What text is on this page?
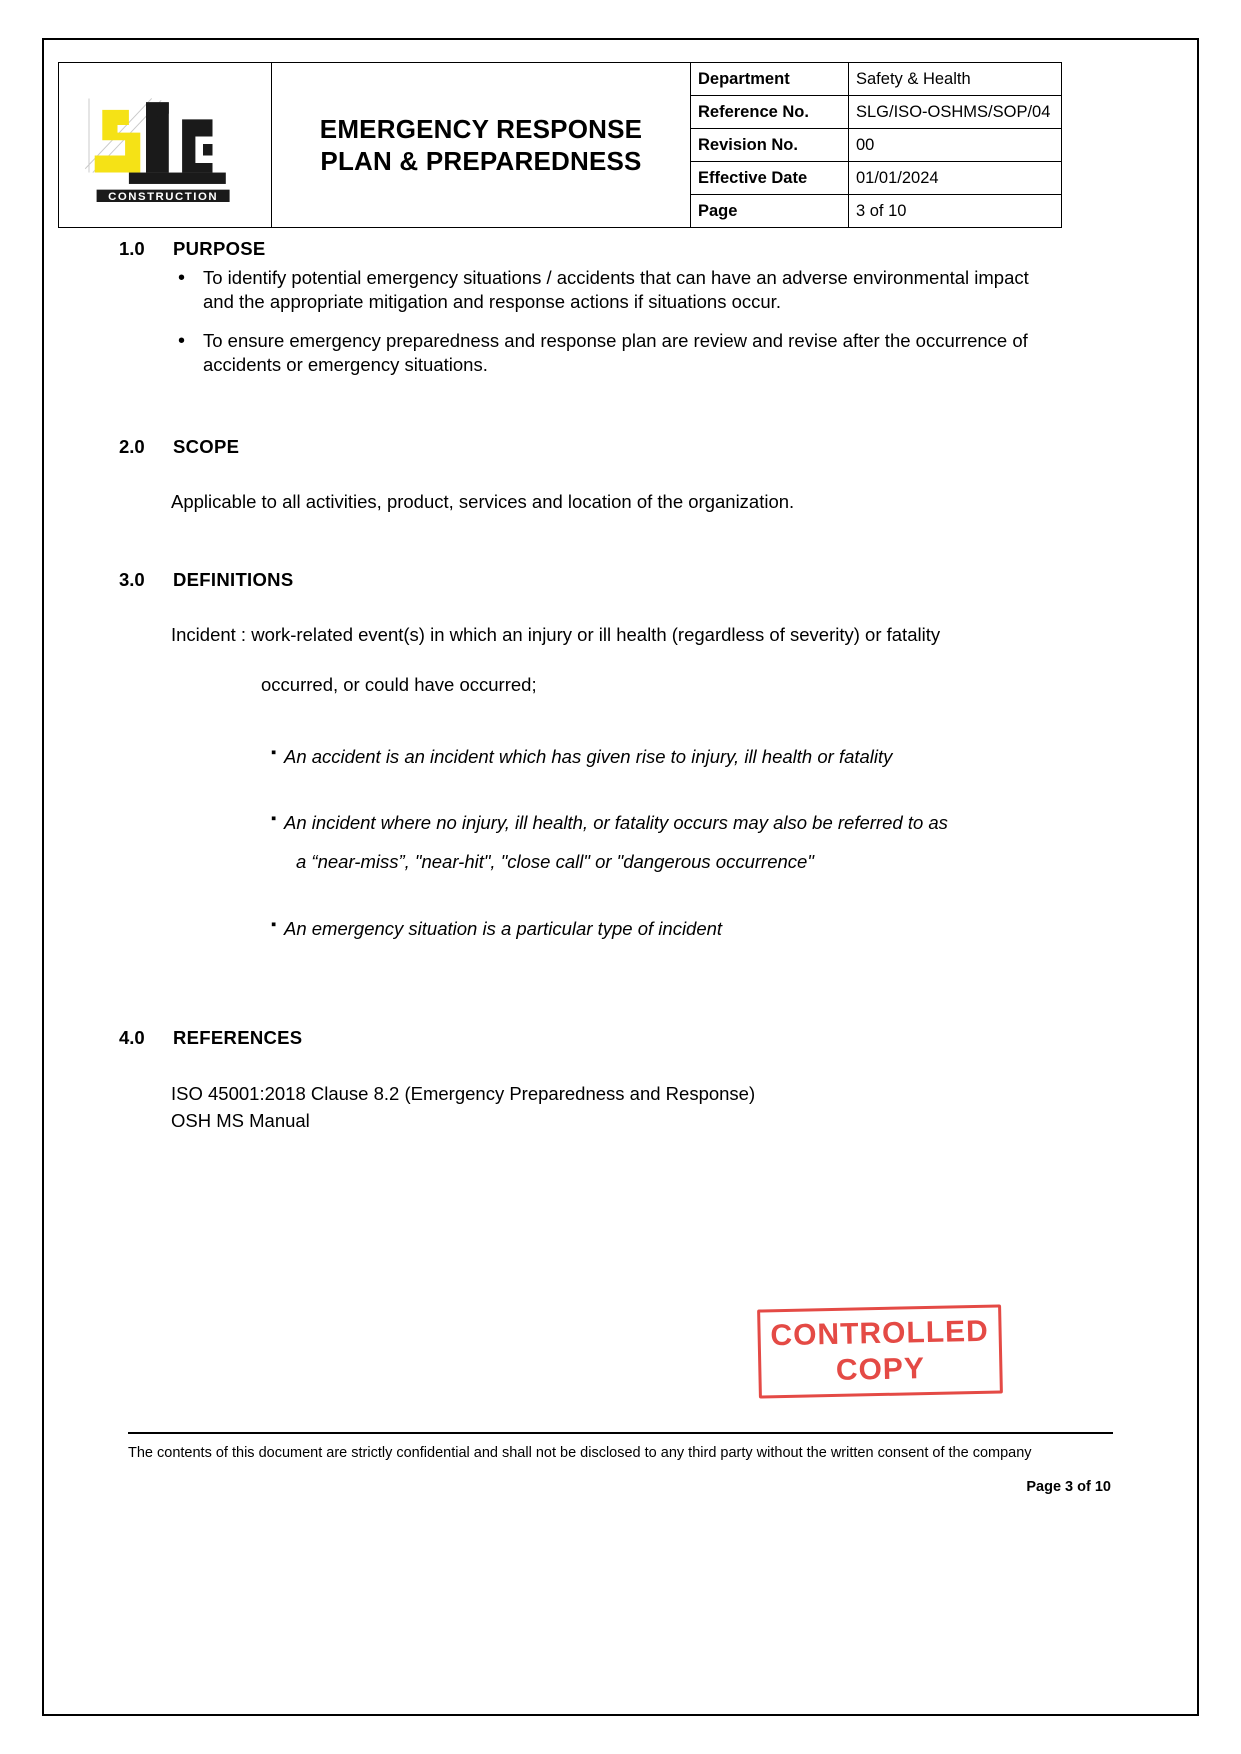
CONSTRUCTION

EMERGENCY RESPONSE
PLAN & PREPAREDNESS

Department	Safety & Health
Reference No.	SLG/ISO-OSHMS/SOP/04
Revision No.	00
Effective Date	01/01/2024
Page	3 of 10
1.0	PURPOSE
• To identify potential emergency situations / accidents that can have an adverse environmental impact and the appropriate mitigation and response actions if situations occur.
• To ensure emergency preparedness and response plan are review and revise after the occurrence of accidents or emergency situations.
2.0	SCOPE
Applicable to all activities, product, services and location of the organization.
3.0	DEFINITIONS
Incident : work-related event(s) in which an injury or ill health (regardless of severity) or fatality
occurred, or could have occurred;
▪ An accident is an incident which has given rise to injury, ill health or fatality
▪ An incident where no injury, ill health, or fatality occurs may also be referred to as
a “near-miss”, "near-hit", "close call" or "dangerous occurrence"
▪ An emergency situation is a particular type of incident
4.0	REFERENCES
ISO 45001:2018 Clause 8.2 (Emergency Preparedness and Response)
OSH MS Manual
CONTROLLED
COPY
The contents of this document are strictly confidential and shall not be disclosed to any third party without the written consent of the company
Page 3 of 10
